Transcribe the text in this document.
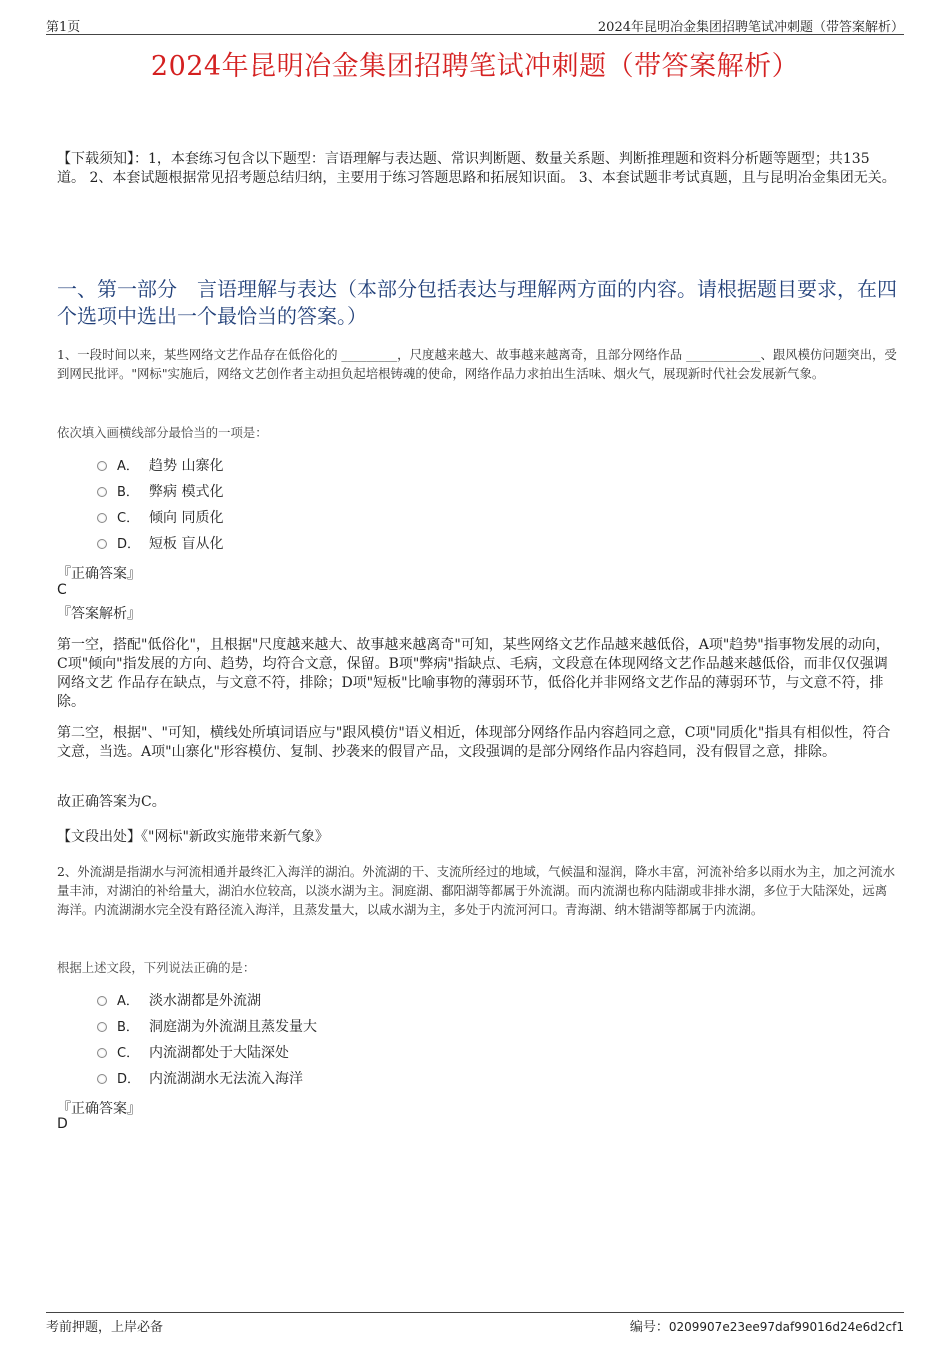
第1页	2024年昆明冶金集团招聘笔试冲刺题（带答案解析）
2024年昆明冶金集团招聘笔试冲刺题（带答案解析）
【下载须知】：1，本套练习包含以下题型：言语理解与表达题、常识判断题、数量关系题、判断推理题和资料分析题等题型；共135道。 2、本套试题根据常见招考题总结归纳，主要用于练习答题思路和拓展知识面。 3、本套试题非考试真题，且与昆明冶金集团无关。
一、第一部分　言语理解与表达（本部分包括表达与理解两方面的内容。请根据题目要求，在四个选项中选出一个最恰当的答案。）
1、一段时间以来，某些网络文艺作品存在低俗化的 _________，尺度越来越大、故事越来越离奇，且部分网络作品 ____________、跟风模仿问题突出，受到网民批评。"网标"实施后，网络文艺创作者主动担负起培根铸魂的使命，网络作品力求拍出生活味、烟火气，展现新时代社会发展新气象。
依次填入画横线部分最恰当的一项是：
A． 趋势 山寨化
B． 弊病 模式化
C． 倾向 同质化
D． 短板 盲从化
『正确答案』
C
『答案解析』
第一空，搭配"低俗化"，且根据"尺度越来越大、故事越来越离奇"可知，某些网络文艺作品越来越低俗，A项"趋势"指事物发展的动向，C项"倾向"指发展的方向、趋势，均符合文意，保留。B项"弊病"指缺点、毛病，文段意在体现网络文艺作品越来越低俗，而非仅仅强调 网络文艺 作品存在缺点，与文意不符，排除；D项"短板"比喻事物的薄弱环节，低俗化并非网络文艺作品的薄弱环节，与文意不符，排除。
第二空，根据"、"可知，横线处所填词语应与"跟风模仿"语义相近，体现部分网络作品内容趋同之意，C项"同质化"指具有相似性，符合文意，当选。A项"山寨化"形容模仿、复制、抄袭来的假冒产品，文段强调的是部分网络作品内容趋同，没有假冒之意，排除。
故正确答案为C。
【文段出处】《"网标"新政实施带来新气象》
2、外流湖是指湖水与河流相通并最终汇入海洋的湖泊。外流湖的干、支流所经过的地域，气候温和湿润，降水丰富，河流补给多以雨水为主，加之河流水量丰沛，对湖泊的补给量大，湖泊水位较高，以淡水湖为主。洞庭湖、鄱阳湖等都属于外流湖。而内流湖也称内陆湖或非排水湖，多位于大陆深处，远离海洋。内流湖湖水完全没有路径流入海洋，且蒸发量大，以咸水湖为主，多处于内流河河口。青海湖、纳木错湖等都属于内流湖。
根据上述文段，下列说法正确的是：
A． 淡水湖都是外流湖
B． 洞庭湖为外流湖且蒸发量大
C． 内流湖都处于大陆深处
D． 内流湖湖水无法流入海洋
『正确答案』
D
考前押题，上岸必备	编号：0209907e23ee97daf99016d24e6d2cf1
